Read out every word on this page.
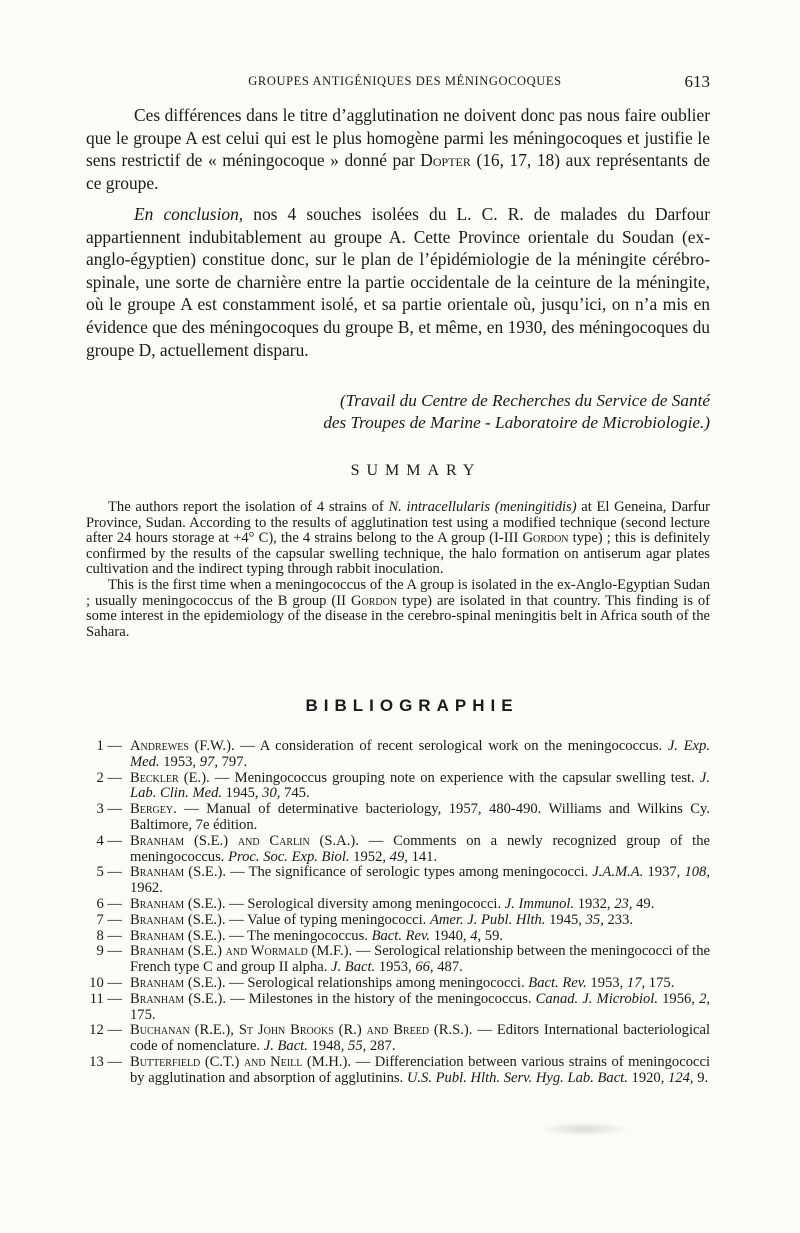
GROUPES ANTIGÉNIQUES DES MÉNINGOCOQUES	613

Ces différences dans le titre d’agglutination ne doivent donc pas nous faire oublier que le groupe A est celui qui est le plus homogène parmi les méningocoques et justifie le sens restrictif de « méningocoque » donné par Dopter (16, 17, 18) aux représentants de ce groupe.

En conclusion, nos 4 souches isolées du L. C. R. de malades du Darfour appartiennent indubitablement au groupe A. Cette Province orientale du Soudan (ex-anglo-égyptien) constitue donc, sur le plan de l’épidémiologie de la méningite cérébro-spinale, une sorte de charnière entre la partie occidentale de la ceinture de la méningite, où le groupe A est constamment isolé, et sa partie orientale où, jusqu’ici, on n’a mis en évidence que des méningocoques du groupe B, et même, en 1930, des méningocoques du groupe D, actuellement disparu.

(Travail du Centre de Recherches du Service de Santé
des Troupes de Marine - Laboratoire de Microbiologie.)
SUMMARY

The authors report the isolation of 4 strains of N. intracellularis (meningitidis) at El Geneina, Darfur Province, Sudan. According to the results of agglutination test using a modified technique (second lecture after 24 hours storage at +4° C), the 4 strains belong to the A group (I-III Gordon type) ; this is definitely confirmed by the results of the capsular swelling technique, the halo formation on antiserum agar plates cultivation and the indirect typing through rabbit inoculation.

This is the first time when a meningococcus of the A group is isolated in the ex-Anglo-Egyptian Sudan ; usually meningococcus of the B group (II Gordon type) are isolated in that country. This finding is of some interest in the epidemiology of the disease in the cerebro-spinal meningitis belt in Africa south of the Sahara.

BIBLIOGRAPHIE
1 — Andrewes (F.W.). — A consideration of recent serological work on the meningococcus. J. Exp. Med. 1953, 97, 797.
2 — Beckler (E.). — Meningococcus grouping note on experience with the capsular swelling test. J. Lab. Clin. Med. 1945, 30, 745.
3 — Bergey. — Manual of determinative bacteriology, 1957, 480-490. Williams and Wilkins Cy. Baltimore, 7e édition.
4 — Branham (S.E.) and Carlin (S.A.). — Comments on a newly recognized group of the meningococcus. Proc. Soc. Exp. Biol. 1952, 49, 141.
5 — Branham (S.E.). — The significance of serologic types among meningococci. J.A.M.A. 1937, 108, 1962.
6 — Branham (S.E.). — Serological diversity among meningococci. J. Immunol. 1932, 23, 49.
7 — Branham (S.E.). — Value of typing meningococci. Amer. J. Publ. Hlth. 1945, 35, 233.
8 — Branham (S.E.). — The meningococcus. Bact. Rev. 1940, 4, 59.
9 — Branham (S.E.) and Wormald (M.F.). — Serological relationship between the meningococci of the French type C and group II alpha. J. Bact. 1953, 66, 487.
10 — Branham (S.E.). — Serological relationships among meningococci. Bact. Rev. 1953, 17, 175.
11 — Branham (S.E.). — Milestones in the history of the meningococcus. Canad. J. Microbiol. 1956, 2, 175.
12 — Buchanan (R.E.), St John Brooks (R.) and Breed (R.S.). — Editors International bacteriological code of nomenclature. J. Bact. 1948, 55, 287.
13 — Butterfield (C.T.) and Neill (M.H.). — Differenciation between various strains of meningococci by agglutination and absorption of agglutinins. U.S. Publ. Hlth. Serv. Hyg. Lab. Bact. 1920, 124, 9.
